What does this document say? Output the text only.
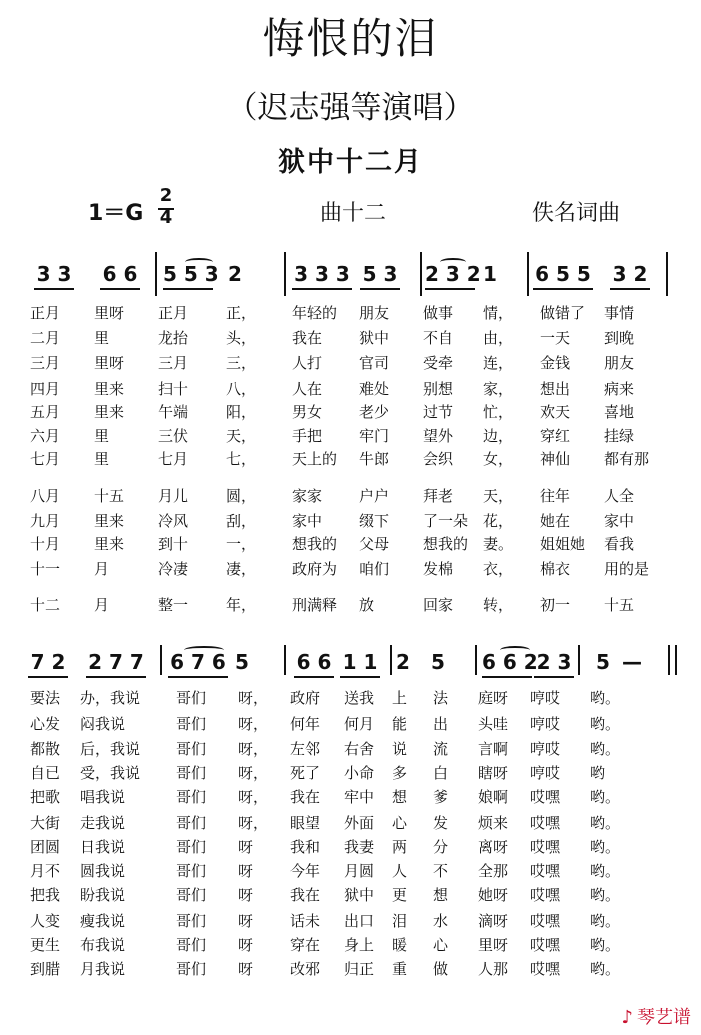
悔恨的泪
（迟志强等演唱）
狱中十二月
1＝G
2
4	曲十二	佚名词曲
3 3 6 6 5 5 3 2	3 3 3 5 3 2 3 2 1 6 5 5 3 2
正月 里呀 正月	正， 年轻的 朋友 做事 情， 做错了 事情
二月 里	龙抬	头， 我在 狱中 不自 由， 一天 到晚
三月 里呀 三月	三， 人打 官司 受牵 连， 金钱 朋友
四月 里来 扫十	八， 人在 难处 别想 家， 想出 病来
五月 里来 午端	阳， 男女 老少 过节 忙， 欢天 喜地
六月 里	三伏	天， 手把 牢门 望外 边， 穿红 挂绿
七月 里	七月	七， 天上的 牛郎 会织 女， 神仙 都有那
八月 十五 月儿	圆， 家家 户户 拜老 天， 往年 人全
九月 里来 冷风	刮， 家中 缀下 了一朵 花， 她在 家中
十月 里来 到十	一， 想我的 父母 想我的 妻。 姐姐她 看我
十一 月	冷凄	凄， 政府为 咱们 发棉 衣， 棉衣 用的是
十二 月	整一	年， 刑满释 放	回家 转， 初一 十五
7 2 2 7 7 6 7 6 5 6 6 1 1 2 5 6 6 2
2 3 5 —
要法 办，我说 哥们 呀， 政府 送我 上 法 庭呀 哼哎 哟。
心发 闷我说	哥们 呀， 何年 何月 能 出 头哇 哼哎 哟。
都散 后，我说 哥们 呀， 左邻 右舍 说 流 言啊 哼哎 哟。
自已 受，我说 哥们 呀， 死了 小命 多 白 瞎呀 哼哎 哟
把歌 唱我说	哥们 呀， 我在 牢中 想 爹 娘啊 哎嘿 哟。
大街 走我说	哥们 呀， 眼望 外面 心 发 烦来 哎嘿 哟。
团圆 日我说	哥们 呀 我和 我妻 两 分 离呀 哎嘿 哟。
月不 圆我说	哥们 呀 今年 月圆 人 不 全那 哎嘿 哟。
把我 盼我说	哥们 呀 我在 狱中 更 想 她呀 哎嘿 哟。
人变 瘦我说	哥们 呀 话未 出口 泪 水 滴呀 哎嘿 哟。
更生 布我说	哥们 呀 穿在 身上 暖 心 里呀 哎嘿 哟。
到腊 月我说	哥们 呀 改邪 归正 重 做 人那 哎嘿 哟。
♪ 琴艺谱
